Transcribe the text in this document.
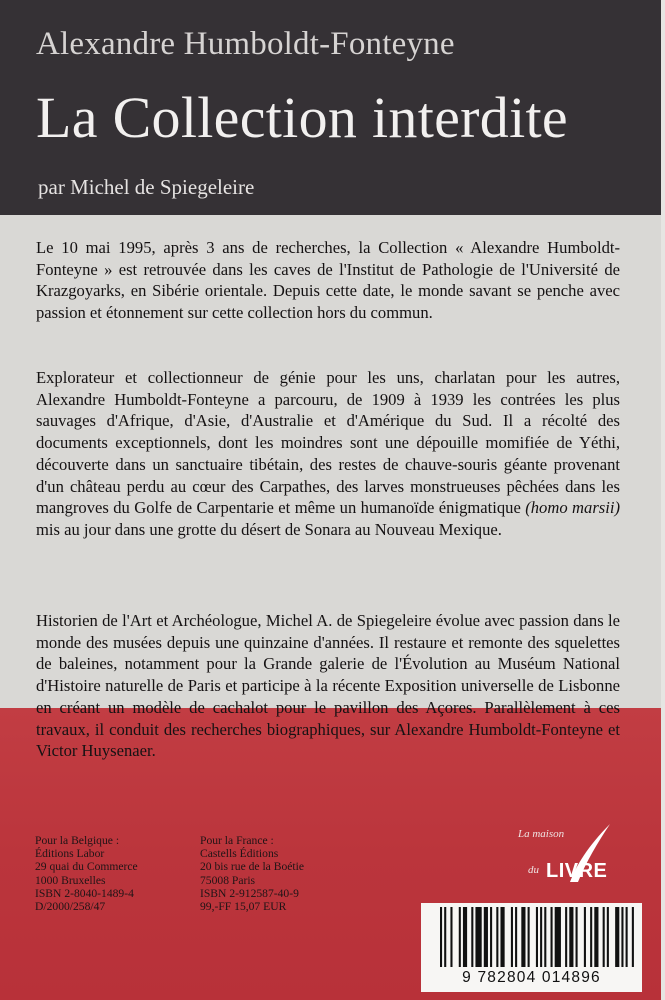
Alexandre Humboldt-Fonteyne
La Collection interdite
par Michel de Spiegeleire

Le 10 mai 1995, après 3 ans de recherches, la Collection « Alexandre Humboldt-Fonteyne » est retrouvée dans les caves de l'Institut de Pathologie de l'Université de Krazgoyarks, en Sibérie orientale. Depuis cette date, le monde savant se penche avec passion et étonnement sur cette collection hors du commun.

Explorateur et collectionneur de génie pour les uns, charlatan pour les autres, Alexandre Humboldt-Fonteyne a parcouru, de 1909 à 1939 les contrées les plus sauvages d'Afrique, d'Asie, d'Australie et d'Amérique du Sud. Il a récolté des documents exceptionnels, dont les moindres sont une dépouille momifiée de Yéthi, découverte dans un sanctuaire tibétain, des restes de chauve-souris géante provenant d'un château perdu au cœur des Carpathes, des larves monstrueuses pêchées dans les mangroves du Golfe de Carpentarie et même un humanoïde énigmatique (homo marsii) mis au jour dans une grotte du désert de Sonara au Nouveau Mexique.

Historien de l'Art et Archéologue, Michel A. de Spiegeleire évolue avec passion dans le monde des musées depuis une quinzaine d'années. Il restaure et remonte des squelettes de baleines, notamment pour la Grande galerie de l'Évolution au Muséum National d'Histoire naturelle de Paris et participe à la récente Exposition universelle de Lisbonne en créant un modèle de cachalot pour le pavillon des Açores. Parallèlement à ces travaux, il conduit des recherches biographiques, sur Alexandre Humboldt-Fonteyne et Victor Huysenaer.

Pour la Belgique :
Éditions Labor
29 quai du Commerce
1000 Bruxelles
ISBN 2-8040-1489-4
D/2000/258/47
Pour la France :
Castells Éditions
20 bis rue de la Boétie
75008 Paris
ISBN 2-912587-40-9
99,-FF 15,07 EUR
La maison
du LIVRE
9 782804 014896
